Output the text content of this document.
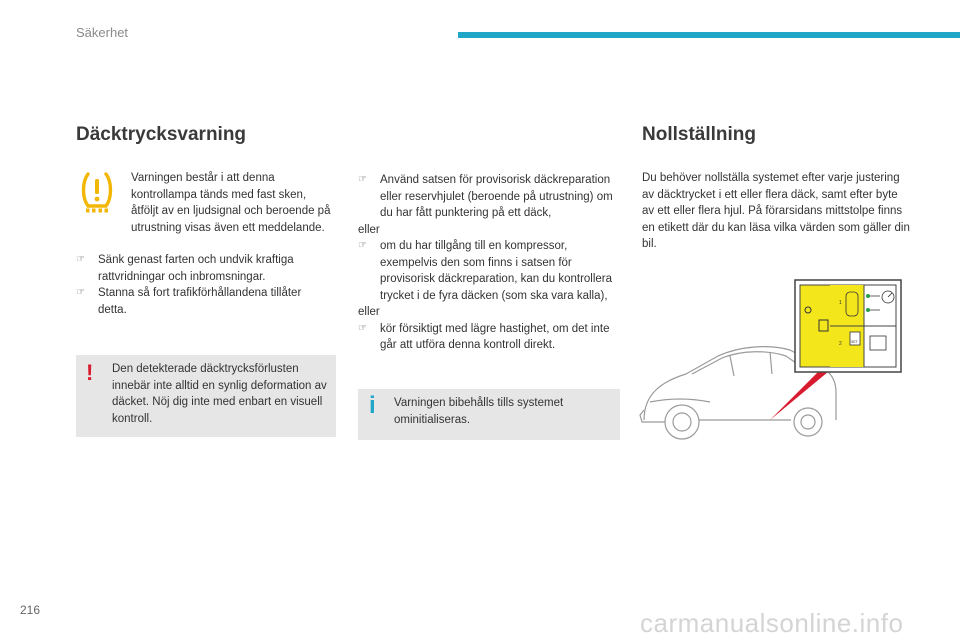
Säkerhet
Däcktrycksvarning	Nollställning

Varningen består i att denna kontrollampa tänds med fast sken, åtföljt av en ljudsignal och beroende på utrustning visas även ett meddelande.

☞ Sänk genast farten och undvik kraftiga rattvridningar och inbromsningar.
☞ Stanna så fort trafikförhållandena tillåter detta.
! Den detekterade däcktrycksförlusten innebär inte alltid en synlig deformation av däcket. Nöj dig inte med enbart en visuell kontroll.

☞ Använd satsen för provisorisk däckreparation eller reservhjulet (beroende på utrustning) om du har fått punktering på ett däck,
eller
☞ om du har tillgång till en kompressor, exempelvis den som finns i satsen för provisorisk däckreparation, kan du kontrollera trycket i de fyra däcken (som ska vara kalla),
eller
☞ kör försiktigt med lägre hastighet, om det inte går att utföra denna kontroll direkt.
i Varningen bibehålls tills systemet ominitialiseras.

Du behöver nollställa systemet efter varje justering av däcktrycket i ett eller flera däck, samt efter byte av ett eller flera hjul. På förarsidans mittstolpe finns en etikett där du kan läsa vilka värden som gäller din bil.

1
2	SET
216	carmanualsonline.info
